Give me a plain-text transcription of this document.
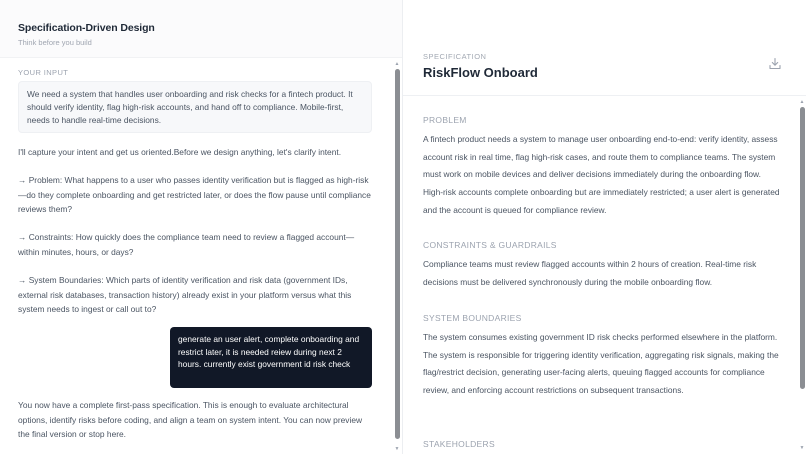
Specification-Driven Design
Think before you build
YOUR INPUT
We need a system that handles user onboarding and risk checks for a fintech product. It should verify identity, flag high-risk accounts, and hand off to compliance. Mobile-first, needs to handle real-time decisions.
I'll capture your intent and get us oriented.Before we design anything, let's clarify intent.
→ Problem: What happens to a user who passes identity verification but is flagged as high-risk—do they complete onboarding and get restricted later, or does the flow pause until compliance reviews them?
→ Constraints: How quickly does the compliance team need to review a flagged account—within minutes, hours, or days?
→ System Boundaries: Which parts of identity verification and risk data (government IDs, external risk databases, transaction history) already exist in your platform versus what this system needs to ingest or call out to?
generate an user alert, complete onboarding and restrict later, it is needed reiew during next 2 hours. currently exist government id risk check
You now have a complete first-pass specification. This is enough to evaluate architectural options, identify risks before coding, and align a team on system intent. You can now preview the final version or stop here.
▲
▼
SPECIFICATION
RiskFlow Onboard
PROBLEM
A fintech product needs a system to manage user onboarding end-to-end: verify identity, assess account risk in real time, flag high-risk cases, and route them to compliance teams. The system must work on mobile devices and deliver decisions immediately during the onboarding flow. High-risk accounts complete onboarding but are immediately restricted; a user alert is generated and the account is queued for compliance review.
CONSTRAINTS & GUARDRAILS
Compliance teams must review flagged accounts within 2 hours of creation. Real-time risk decisions must be delivered synchronously during the mobile onboarding flow.
SYSTEM BOUNDARIES
The system consumes existing government ID risk checks performed elsewhere in the platform. The system is responsible for triggering identity verification, aggregating risk signals, making the flag/restrict decision, generating user-facing alerts, queuing flagged accounts for compliance review, and enforcing account restrictions on subsequent transactions.
STAKEHOLDERS
▲
▼
